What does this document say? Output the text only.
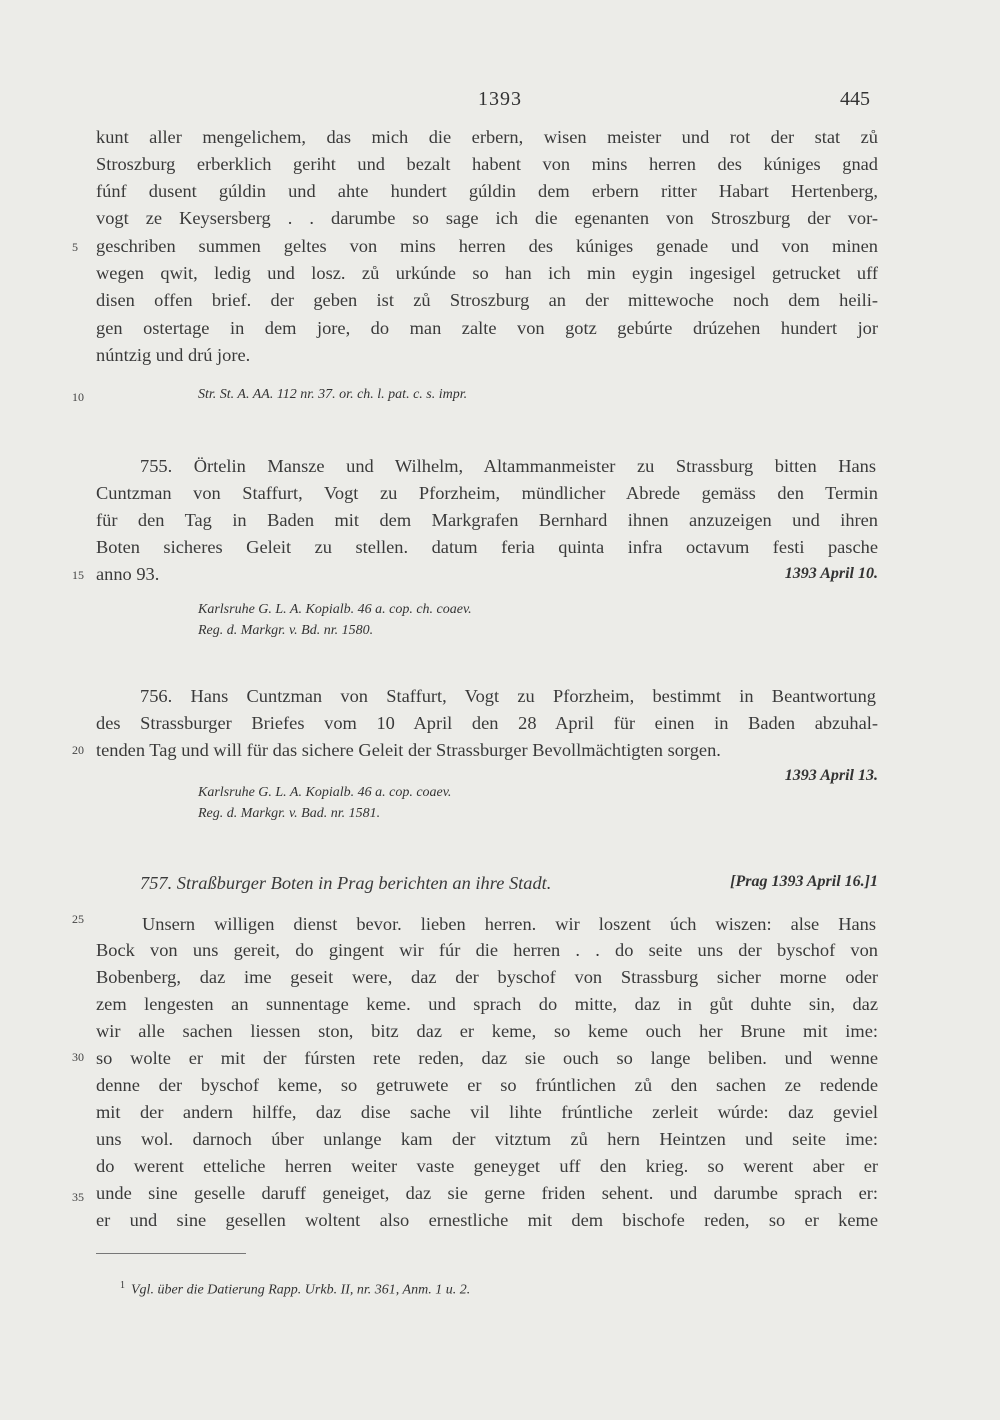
1393	445
5
10
15
20
25
30
35
kunt aller mengelichem, das mich die erbern, wisen meister und rot der stat zů
Stroszburg erberklich geriht und bezalt habent von mins herren des kúniges gnad
fúnf dusent gúldin und ahte hundert gúldin dem erbern ritter Habart Hertenberg,
vogt ze Keysersberg . . darumbe so sage ich die egenanten von Stroszburg der vor-
geschriben summen geltes von mins herren des kúniges genade und von minen
wegen qwit, ledig und losz. zů urkúnde so han ich min eygin ingesigel getrucket uff
disen offen brief. der geben ist zů Stroszburg an der mittewoche noch dem heili-
gen ostertage in dem jore, do man zalte von gotz gebúrte drúzehen hundert jor
núntzig und drú jore.
Str. St. A. AA. 112 nr. 37. or. ch. l. pat. c. s. impr.
755. Örtelin Mansze und Wilhelm, Altammanmeister zu Strassburg bitten Hans
Cuntzman von Staffurt, Vogt zu Pforzheim, mündlicher Abrede gemäss den Termin
für den Tag in Baden mit dem Markgrafen Bernhard ihnen anzuzeigen und ihren
Boten sicheres Geleit zu stellen. datum feria quinta infra octavum festi pasche
anno 93.	1393 April 10.
Karlsruhe G. L. A. Kopialb. 46 a. cop. ch. coaev.
Reg. d. Markgr. v. Bd. nr. 1580.
756. Hans Cuntzman von Staffurt, Vogt zu Pforzheim, bestimmt in Beantwortung
des Strassburger Briefes vom 10 April den 28 April für einen in Baden abzuhal-
tenden Tag und will für das sichere Geleit der Strassburger Bevollmächtigten sorgen.
1393 April 13.
Karlsruhe G. L. A. Kopialb. 46 a. cop. coaev.
Reg. d. Markgr. v. Bad. nr. 1581.
757. Straßburger Boten in Prag berichten an ihre Stadt.	[Prag 1393 April 16.]1
Unsern willigen dienst bevor. lieben herren. wir loszent úch wiszen: alse Hans
Bock von uns gereit, do gingent wir fúr die herren . . do seite uns der byschof von
Bobenberg, daz ime geseit were, daz der byschof von Strassburg sicher morne oder
zem lengesten an sunnentage keme. und sprach do mitte, daz in gůt duhte sin, daz
wir alle sachen liessen ston, bitz daz er keme, so keme ouch her Brune mit ime:
so wolte er mit der fúrsten rete reden, daz sie ouch so lange beliben. und wenne
denne der byschof keme, so getruwete er so frúntlichen zů den sachen ze redende
mit der andern hilffe, daz dise sache vil lihte frúntliche zerleit wúrde: daz geviel
uns wol. darnoch úber unlange kam der vitztum zů hern Heintzen und seite ime:
do werent etteliche herren weiter vaste geneyget uff den krieg. so werent aber er
unde sine geselle daruff geneiget, daz sie gerne friden sehent. und darumbe sprach er:
er und sine gesellen woltent also ernestliche mit dem bischofe reden, so er keme
$^1$ Vgl. über die Datierung Rapp. Urkb. II, nr. 361, Anm. 1 u. 2.
